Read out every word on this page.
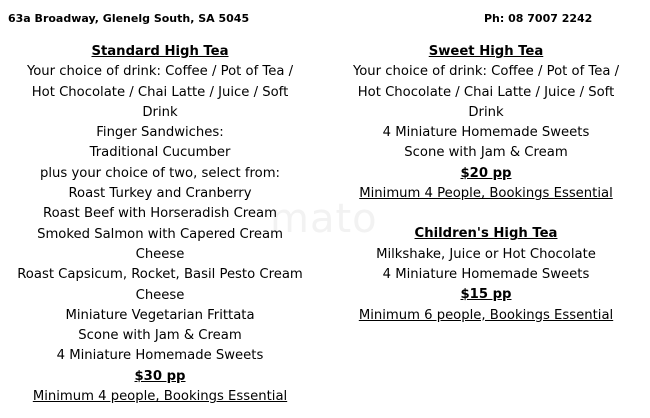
63a Broadway, Glenelg South, SA 5045	Ph: 08 7007 2242
mato
Standard High Tea
Your choice of drink: Coffee / Pot of Tea /
Hot Chocolate / Chai Latte / Juice / Soft
Drink
Finger Sandwiches:
Traditional Cucumber
plus your choice of two, select from:
Roast Turkey and Cranberry
Roast Beef with Horseradish Cream
Smoked Salmon with Capered Cream
Cheese
Roast Capsicum, Rocket, Basil Pesto Cream
Cheese
Miniature Vegetarian Frittata
Scone with Jam & Cream
4 Miniature Homemade Sweets
$30 pp
Minimum 4 people, Bookings Essential
Sweet High Tea
Your choice of drink: Coffee / Pot of Tea /
Hot Chocolate / Chai Latte / Juice / Soft
Drink
4 Miniature Homemade Sweets
Scone with Jam & Cream
$20 pp
Minimum 4 People, Bookings Essential
Children's High Tea
Milkshake, Juice or Hot Chocolate
4 Miniature Homemade Sweets
$15 pp
Minimum 6 people, Bookings Essential
